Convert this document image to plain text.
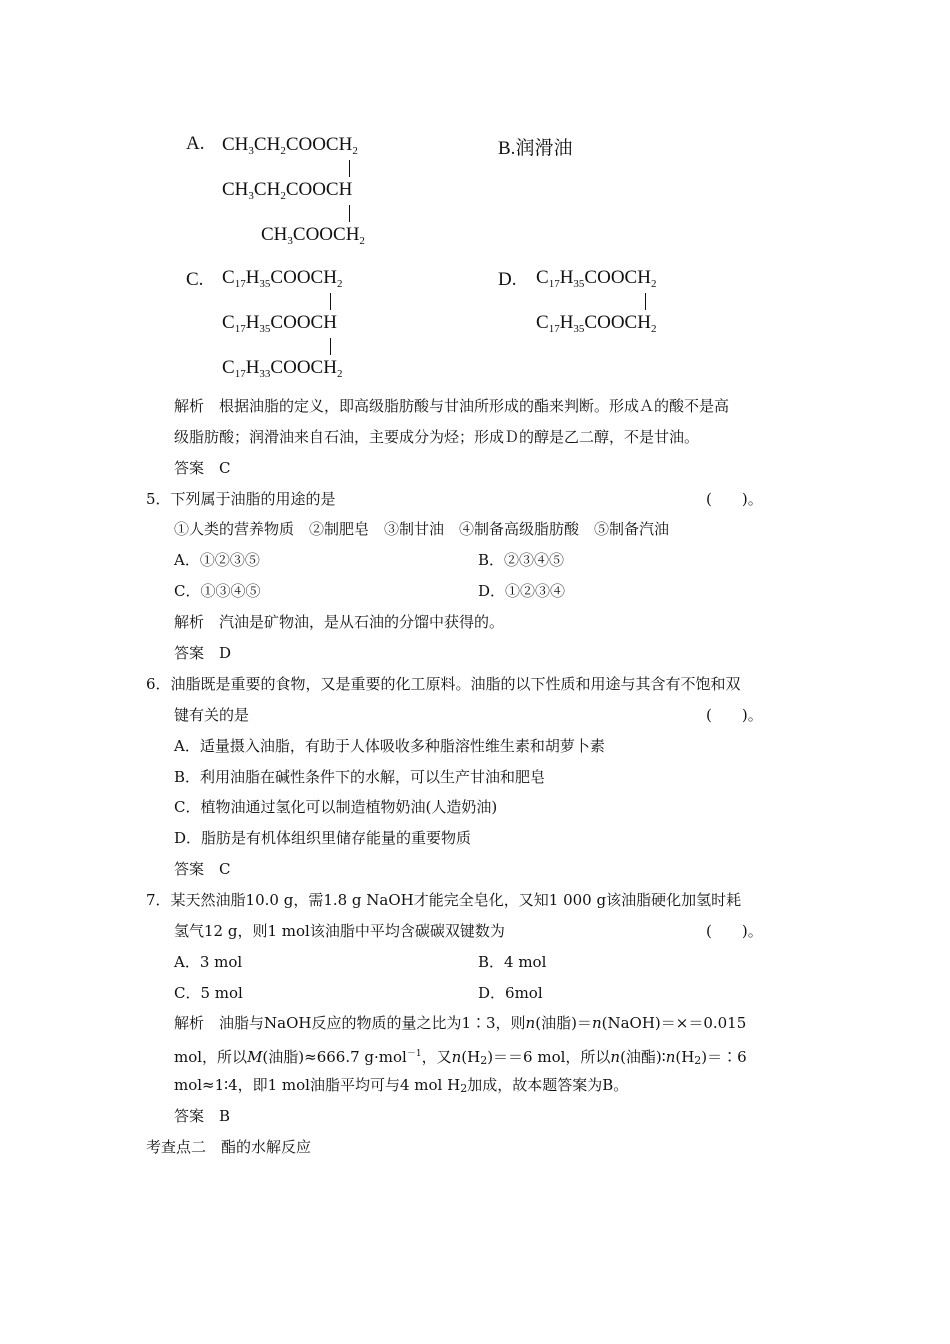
A. $CH_3CH_2COOCH_2$
$CH_3CH_2COOCH$
$CH_3COOCH_2$
B.润滑油
C. $C_{17}H_{35}COOCH_2$
$C_{17}H_{35}COOCH$
$C_{17}H_{33}COOCH_2$
D. $C_{17}H_{35}COOCH_2$
$C_{17}H_{35}COOCH_2$
解析　根据油脂的定义，即高级脂肪酸与甘油所形成的酯来判断。形成Ａ的酸不是高
级脂肪酸；润滑油来自石油，主要成分为烃；形成Ｄ的醇是乙二醇，不是甘油。
答案　C
5．下列属于油脂的用途的是	(　　)。
①人类的营养物质　②制肥皂　③制甘油　④制备高级脂肪酸　⑤制备汽油
A．①②③⑤	B．②③④⑤
C．①③④⑤	D．①②③④
解析　汽油是矿物油，是从石油的分馏中获得的。
答案　D
6．油脂既是重要的食物，又是重要的化工原料。油脂的以下性质和用途与其含有不饱和双
键有关的是	(　　)。
A．适量摄入油脂，有助于人体吸收多种脂溶性维生素和胡萝卜素
B．利用油脂在碱性条件下的水解，可以生产甘油和肥皂
C．植物油通过氢化可以制造植物奶油(人造奶油)
D．脂肪是有机体组织里储存能量的重要物质
答案　C
7．某天然油脂10.0 g，需1.8 g NaOH才能完全皂化，又知1 000 g该油脂硬化加氢时耗
氢气12 g，则1 mol该油脂中平均含碳碳双键数为	(　　)。
A．3 mol	B．4 mol
C．5 mol	D．6mol
解析　油脂与NaOH反应的物质的量之比为1∶3，则n(油脂)＝n(NaOH)＝×＝0.015
mol，所以M(油脂)≈666.7 g·mol$^{-1}$，又n(H2)＝＝6 mol，所以n(油酯)∶n(H2)＝∶6
mol≈1∶4，即1 mol油脂平均可与4 mol H2加成，故本题答案为B。
答案　B
考查点二　酯的水解反应
